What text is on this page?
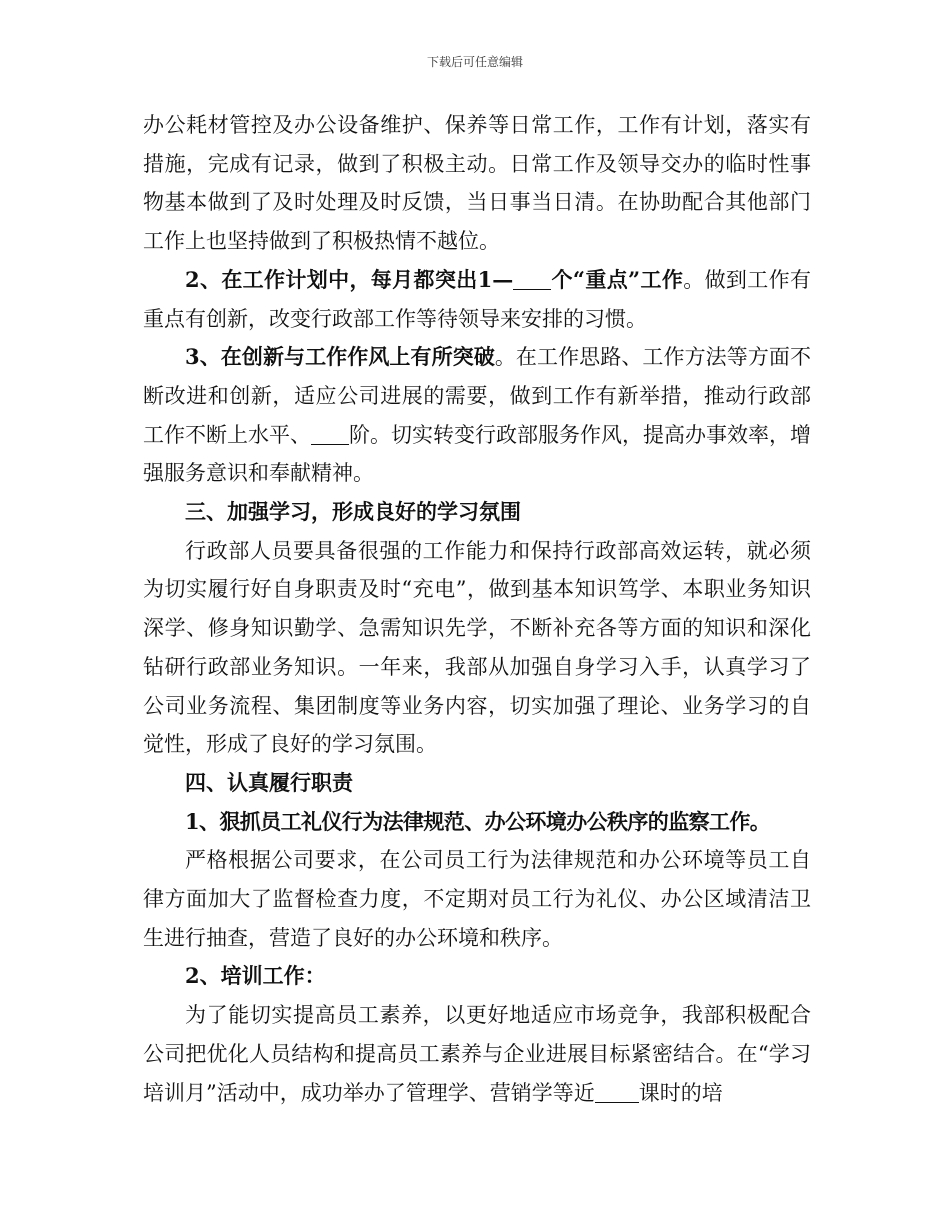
下载后可任意编辑

办公耗材管控及办公设备维护、保养等日常工作，工作有计划，落实有措施，完成有记录，做到了积极主动。日常工作及领导交办的临时性事物基本做到了及时处理及时反馈，当日事当日清。在协助配合其他部门工作上也坚持做到了积极热情不越位。

2、在工作计划中，每月都突出1— 个“重点”工作。做到工作有重点有创新，改变行政部工作等待领导来安排的习惯。

3、在创新与工作作风上有所突破。在工作思路、工作方法等方面不断改进和创新，适应公司进展的需要，做到工作有新举措，推动行政部工作不断上水平、 阶。切实转变行政部服务作风，提高办事效率，增强服务意识和奉献精神。

三、加强学习，形成良好的学习氛围

行政部人员要具备很强的工作能力和保持行政部高效运转，就必须为切实履行好自身职责及时“充电”，做到基本知识笃学、本职业务知识深学、修身知识勤学、急需知识先学，不断补充各等方面的知识和深化钻研行政部业务知识。一年来，我部从加强自身学习入手，认真学习了公司业务流程、集团制度等业务内容，切实加强了理论、业务学习的自觉性，形成了良好的学习氛围。

四、认真履行职责

1、狠抓员工礼仪行为法律规范、办公环境办公秩序的监察工作。

严格根据公司要求，在公司员工行为法律规范和办公环境等员工自律方面加大了监督检查力度，不定期对员工行为礼仪、办公区域清洁卫生进行抽查，营造了良好的办公环境和秩序。

2、培训工作：

为了能切实提高员工素养，以更好地适应市场竞争，我部积极配合公司把优化人员结构和提高员工素养与企业进展目标紧密结合。在“学习培训月”活动中，成功举办了管理学、营销学等近 课时的培
